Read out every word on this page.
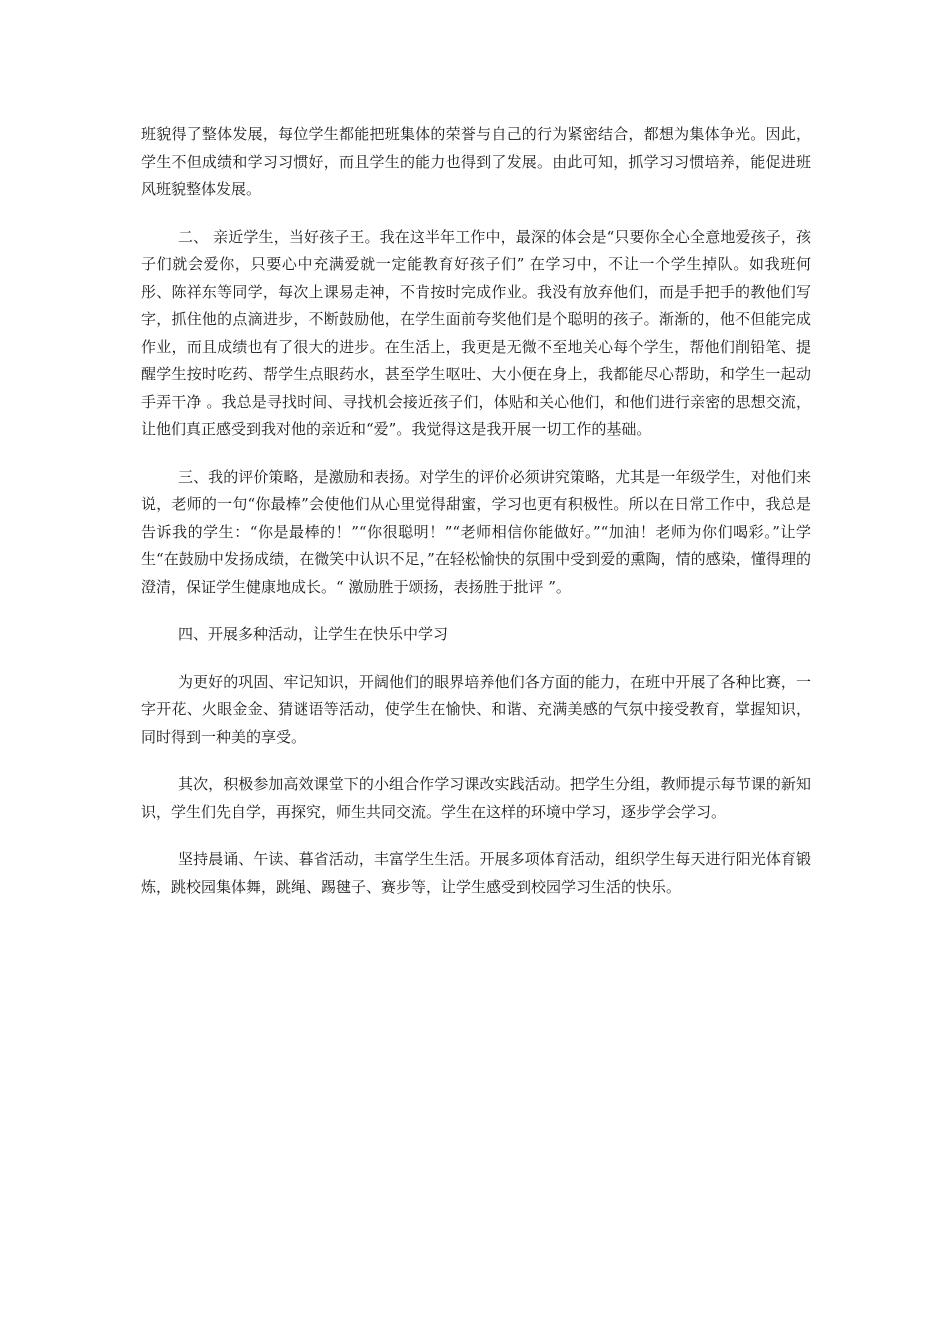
班貌得了整体发展，每位学生都能把班集体的荣誉与自己的行为紧密结合，都想为集体争光。因此，学生不但成绩和学习习惯好，而且学生的能力也得到了发展。由此可知，抓学习习惯培养，能促进班风班貌整体发展。

二、 亲近学生，当好孩子王。我在这半年工作中，最深的体会是“只要你全心全意地爱孩子，孩子们就会爱你，只要心中充满爱就一定能教育好孩子们” 在学习中，不让一个学生掉队。如我班何彤、陈祥东等同学，每次上课易走神，不肯按时完成作业。我没有放弃他们，而是手把手的教他们写字，抓住他的点滴进步，不断鼓励他，在学生面前夸奖他们是个聪明的孩子。渐渐的，他不但能完成作业，而且成绩也有了很大的进步。在生活上，我更是无微不至地关心每个学生，帮他们削铅笔、提醒学生按时吃药、帮学生点眼药水，甚至学生呕吐、大小便在身上，我都能尽心帮助，和学生一起动手弄干净 。我总是寻找时间、寻找机会接近孩子们，体贴和关心他们，和他们进行亲密的思想交流，让他们真正感受到我对他的亲近和“爱”。我觉得这是我开展一切工作的基础。

三、我的评价策略，是激励和表扬。对学生的评价必须讲究策略，尤其是一年级学生，对他们来说，老师的一句“你最棒”会使他们从心里觉得甜蜜，学习也更有积极性。所以在日常工作中，我总是告诉我的学生：“你是最棒的！”“你很聪明！”“老师相信你能做好。”“加油！老师为你们喝彩。”让学生“在鼓励中发扬成绩，在微笑中认识不足，”在轻松愉快的氛围中受到爱的熏陶，情的感染，懂得理的澄清，保证学生健康地成长。“ 激励胜于颂扬，表扬胜于批评 ”。

四、开展多种活动，让学生在快乐中学习

为更好的巩固、牢记知识，开阔他们的眼界培养他们各方面的能力，在班中开展了各种比赛，一字开花、火眼金金、猜谜语等活动，使学生在愉快、和谐、充满美感的气氛中接受教育，掌握知识，同时得到一种美的享受。

其次，积极参加高效课堂下的小组合作学习课改实践活动。把学生分组，教师提示每节课的新知识，学生们先自学，再探究，师生共同交流。学生在这样的环境中学习，逐步学会学习。

坚持晨诵、午读、暮省活动，丰富学生生活。开展多项体育活动，组织学生每天进行阳光体育锻炼，跳校园集体舞，跳绳、踢毽子、赛步等，让学生感受到校园学习生活的快乐。
